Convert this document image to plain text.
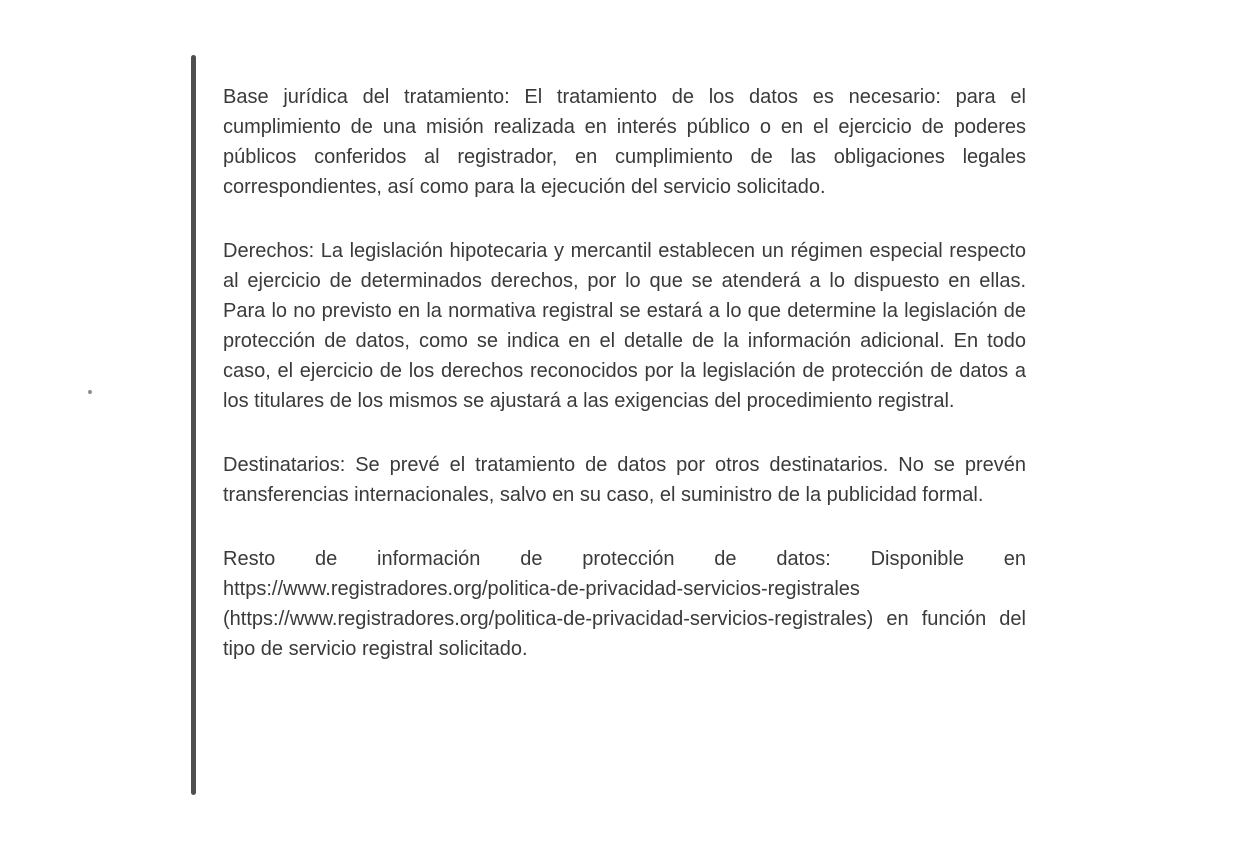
Base jurídica del tratamiento: El tratamiento de los datos es necesario: para el cumplimiento de una misión realizada en interés público o en el ejercicio de poderes públicos conferidos al registrador, en cumplimiento de las obligaciones legales correspondientes, así como para la ejecución del servicio solicitado.

Derechos: La legislación hipotecaria y mercantil establecen un régimen especial respecto al ejercicio de determinados derechos, por lo que se atenderá a lo dispuesto en ellas. Para lo no previsto en la normativa registral se estará a lo que determine la legislación de protección de datos, como se indica en el detalle de la información adicional. En todo caso, el ejercicio de los derechos reconocidos por la legislación de protección de datos a los titulares de los mismos se ajustará a las exigencias del procedimiento registral.

Destinatarios: Se prevé el tratamiento de datos por otros destinatarios. No se prevén transferencias internacionales, salvo en su caso, el suministro de la publicidad formal.

Resto de información de protección de datos: Disponible en https://www.registradores.org/politica-de-privacidad-servicios-registrales (https://www.registradores.org/politica-de-privacidad-servicios-registrales) en función del tipo de servicio registral solicitado.
